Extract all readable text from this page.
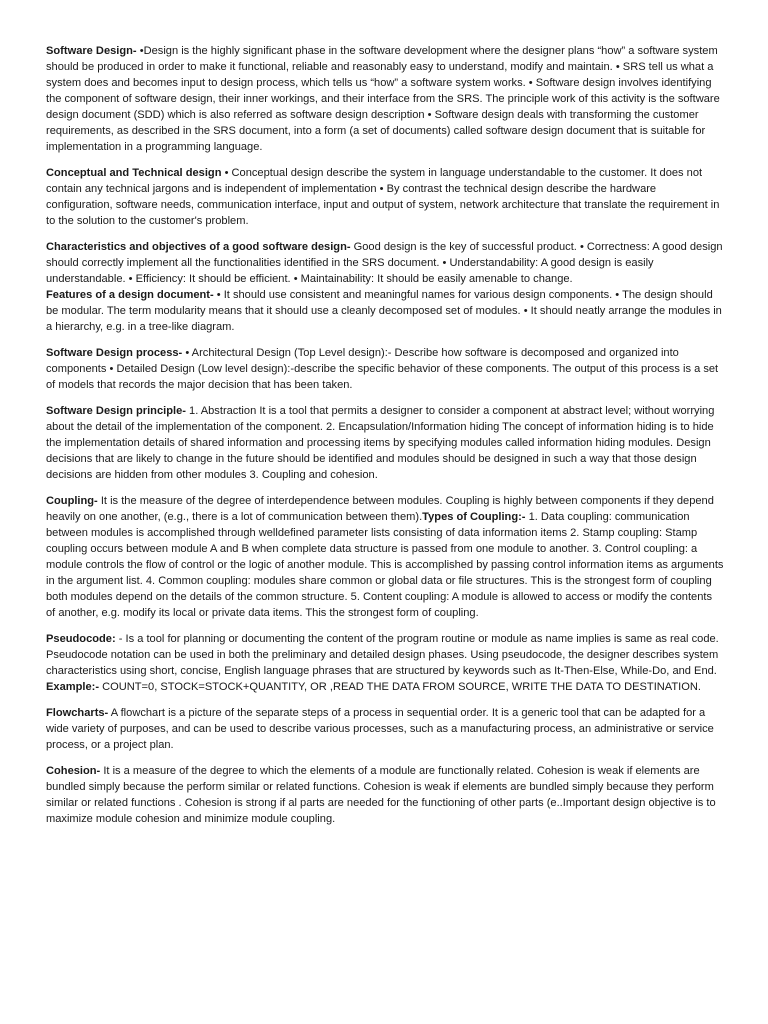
Software Design- •Design is the highly significant phase in the software development where the designer plans “how” a software system should be produced in order to make it functional, reliable and reasonably easy to understand, modify and maintain. • SRS tell us what a system does and becomes input to design process, which tells us “how” a software system works. • Software design involves identifying the component of software design, their inner workings, and their interface from the SRS. The principle work of this activity is the software design document (SDD) which is also referred as software design description • Software design deals with transforming the customer requirements, as described in the SRS document, into a form (a set of documents) called software design document that is suitable for implementation in a programming language.

Conceptual and Technical design • Conceptual design describe the system in language understandable to the customer. It does not contain any technical jargons and is independent of implementation • By contrast the technical design describe the hardware configuration, software needs, communication interface, input and output of system, network architecture that translate the requirement in to the solution to the customer's problem.

Characteristics and objectives of a good software design- Good design is the key of successful product. • Correctness: A good design should correctly implement all the functionalities identified in the SRS document. • Understandability: A good design is easily understandable. • Efficiency: It should be efficient. • Maintainability: It should be easily amenable to change.

Features of a design document- • It should use consistent and meaningful names for various design components. • The design should be modular. The term modularity means that it should use a cleanly decomposed set of modules. • It should neatly arrange the modules in a hierarchy, e.g. in a tree-like diagram.

Software Design process- • Architectural Design (Top Level design):- Describe how software is decomposed and organized into components • Detailed Design (Low level design):-describe the specific behavior of these components. The output of this process is a set of models that records the major decision that has been taken.

Software Design principle- 1. Abstraction It is a tool that permits a designer to consider a component at abstract level; without worrying about the detail of the implementation of the component. 2. Encapsulation/Information hiding The concept of information hiding is to hide the implementation details of shared information and processing items by specifying modules called information hiding modules. Design decisions that are likely to change in the future should be identified and modules should be designed in such a way that those design decisions are hidden from other modules 3. Coupling and cohesion.

Coupling- It is the measure of the degree of interdependence between modules. Coupling is highly between components if they depend heavily on one another, (e.g., there is a lot of communication between them).Types of Coupling:- 1. Data coupling: communication between modules is accomplished through welldefined parameter lists consisting of data information items 2. Stamp coupling: Stamp coupling occurs between module A and B when complete data structure is passed from one module to another. 3. Control coupling: a module controls the flow of control or the logic of another module. This is accomplished by passing control information items as arguments in the argument list. 4. Common coupling: modules share common or global data or file structures. This is the strongest form of coupling both modules depend on the details of the common structure. 5. Content coupling: A module is allowed to access or modify the contents of another, e.g. modify its local or private data items. This the strongest form of coupling.

Pseudocode: - Is a tool for planning or documenting the content of the program routine or module as name implies is same as real code. Pseudocode notation can be used in both the preliminary and detailed design phases. Using pseudocode, the designer describes system characteristics using short, concise, English language phrases that are structured by keywords such as It-Then-Else, While-Do, and End. Example:- COUNT=0, STOCK=STOCK+QUANTITY, OR ,READ THE DATA FROM SOURCE, WRITE THE DATA TO DESTINATION.

Flowcharts- A flowchart is a picture of the separate steps of a process in sequential order. It is a generic tool that can be adapted for a wide variety of purposes, and can be used to describe various processes, such as a manufacturing process, an administrative or service process, or a project plan.

Cohesion- It is a measure of the degree to which the elements of a module are functionally related. Cohesion is weak if elements are bundled simply because the perform similar or related functions. Cohesion is weak if elements are bundled simply because they perform similar or related functions . Cohesion is strong if al parts are needed for the functioning of other parts (e..Important design objective is to maximize module cohesion and minimize module coupling.
